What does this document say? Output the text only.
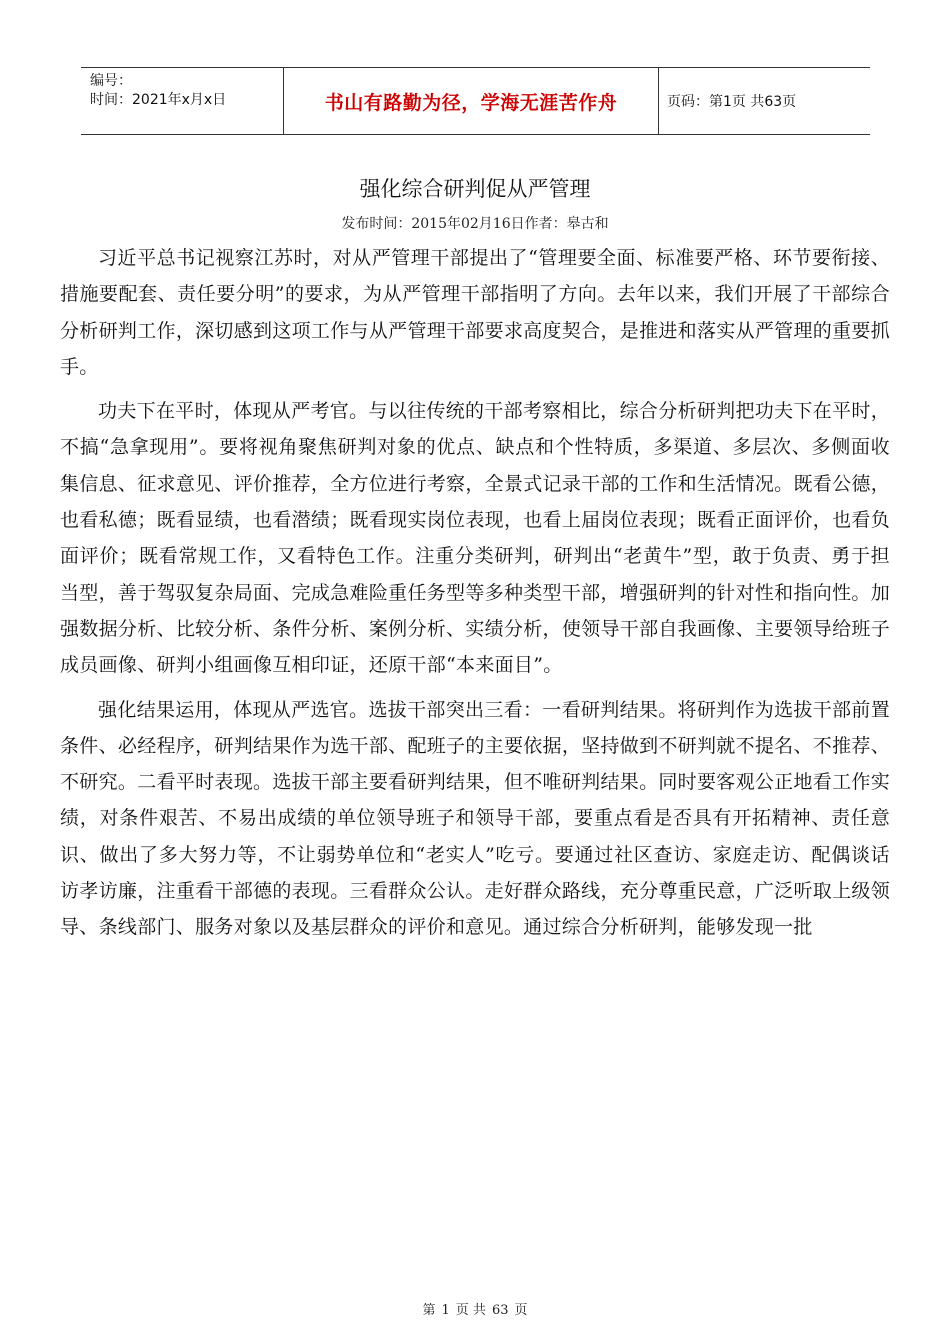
编号：
时间：2021年x月x日	书山有路勤为径，学海无涯苦作舟	页码：第1页 共63页
强化综合研判促从严管理
发布时间：2015年02月16日作者：皋古和

习近平总书记视察江苏时，对从严管理干部提出了“管理要全面、标准要严格、环节要衔接、措施要配套、责任要分明”的要求，为从严管理干部指明了方向。去年以来，我们开展了干部综合分析研判工作，深切感到这项工作与从严管理干部要求高度契合，是推进和落实从严管理的重要抓手。

功夫下在平时，体现从严考官。与以往传统的干部考察相比，综合分析研判把功夫下在平时，不搞“急拿现用”。要将视角聚焦研判对象的优点、缺点和个性特质，多渠道、多层次、多侧面收集信息、征求意见、评价推荐，全方位进行考察，全景式记录干部的工作和生活情况。既看公德，也看私德；既看显绩，也看潜绩；既看现实岗位表现，也看上届岗位表现；既看正面评价，也看负面评价；既看常规工作，又看特色工作。注重分类研判，研判出“老黄牛”型，敢于负责、勇于担当型，善于驾驭复杂局面、完成急难险重任务型等多种类型干部，增强研判的针对性和指向性。加强数据分析、比较分析、条件分析、案例分析、实绩分析，使领导干部自我画像、主要领导给班子成员画像、研判小组画像互相印证，还原干部“本来面目”。

强化结果运用，体现从严选官。选拔干部突出三看：一看研判结果。将研判作为选拔干部前置条件、必经程序，研判结果作为选干部、配班子的主要依据，坚持做到不研判就不提名、不推荐、不研究。二看平时表现。选拔干部主要看研判结果，但不唯研判结果。同时要客观公正地看工作实绩，对条件艰苦、不易出成绩的单位领导班子和领导干部，要重点看是否具有开拓精神、责任意识、做出了多大努力等，不让弱势单位和“老实人”吃亏。要通过社区查访、家庭走访、配偶谈话访孝访廉，注重看干部德的表现。三看群众公认。走好群众路线，充分尊重民意，广泛听取上级领导、条线部门、服务对象以及基层群众的评价和意见。通过综合分析研判，能够发现一批

第 1 页 共 63 页
